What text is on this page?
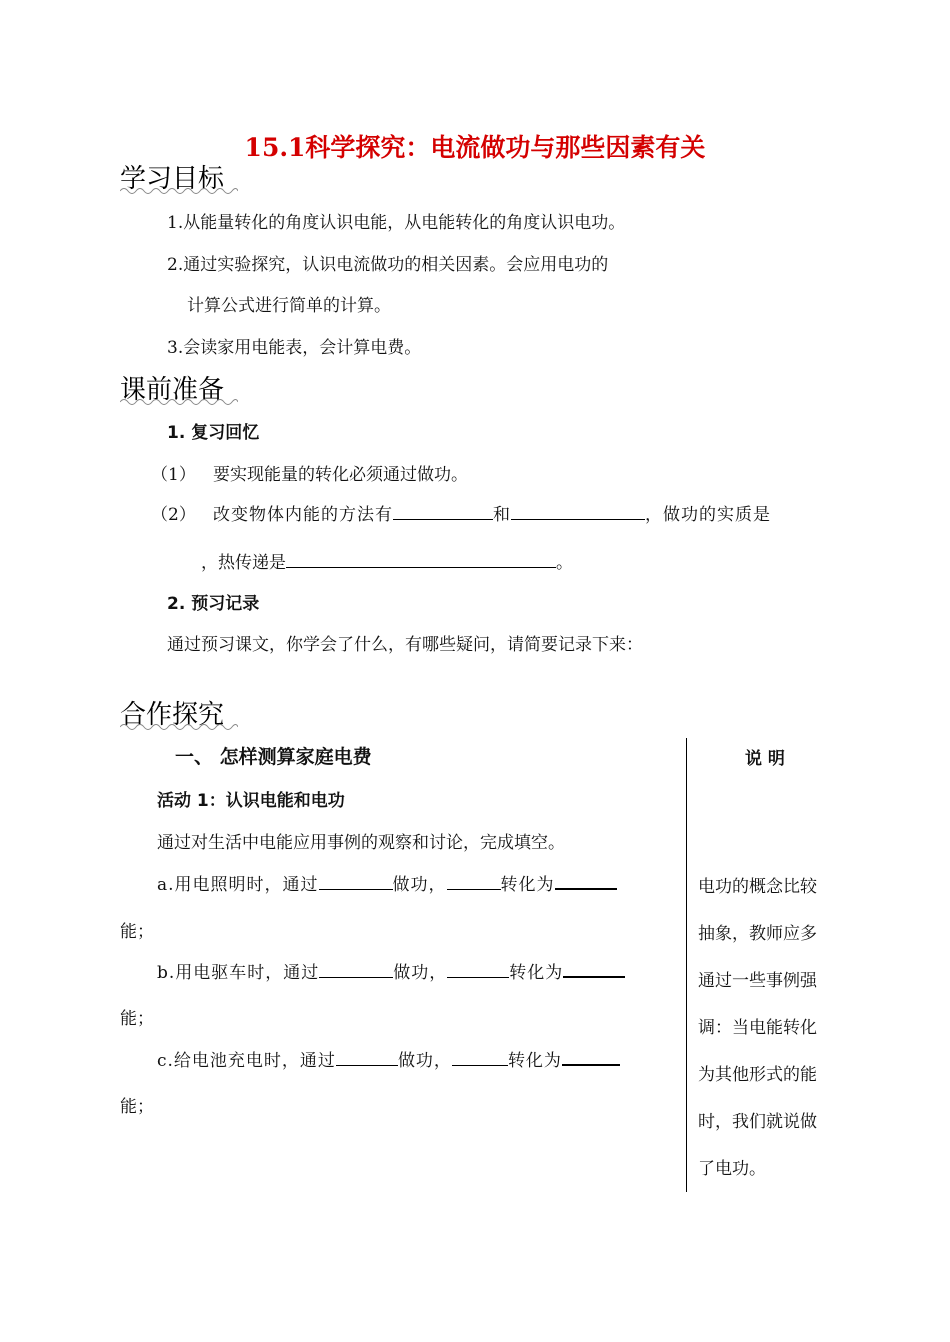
15.1科学探究：电流做功与那些因素有关
学习目标
1.从能量转化的角度认识电能，从电能转化的角度认识电功。
2.通过实验探究，认识电流做功的相关因素。会应用电功的
计算公式进行简单的计算。
3.会读家用电能表，会计算电费。
课前准备
1. 复习回忆
（1） 要实现能量的转化必须通过做功。
（2） 改变物体内能的方法有	和	，做功的实质是
，热传递是	。
2. 预习记录
通过预习课文，你学会了什么，有哪些疑问，请简要记录下来：
合作探究
一、 怎样测算家庭电费	说 明
活动 1：认识电能和电功
通过对生活中电能应用事例的观察和讨论，完成填空。
a.用电照明时，通过	做功，	转化为
能；
b.用电驱车时，通过	做功，	转化为
能；
c.给电池充电时，通过	做功，	转化为
能；
电功的概念比较
抽象，教师应多
通过一些事例强
调：当电能转化
为其他形式的能
时，我们就说做
了电功。
